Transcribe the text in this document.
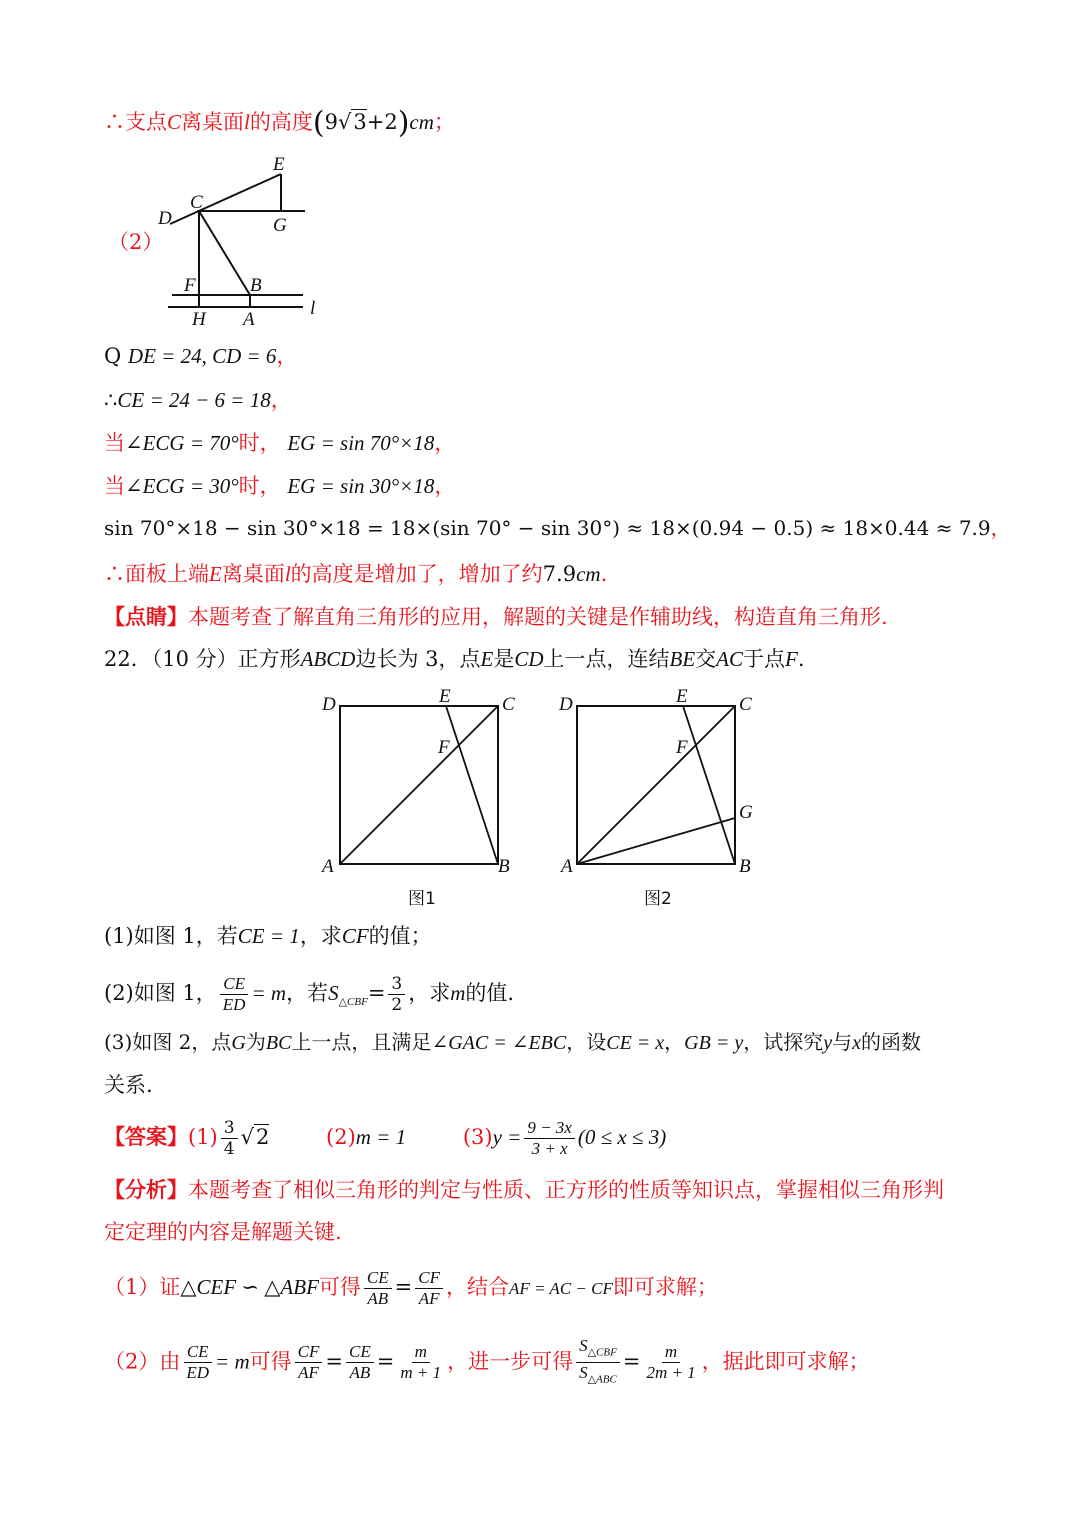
∴支点C离桌面l的高度(9√3+2)cm；
（2）
E
C
D	G
F	B
H A
l
Q DE = 24, CD = 6，
∴CE = 24 − 6 = 18，
当∠ECG = 70°时， EG = sin 70°×18，
当∠ECG = 30°时， EG = sin 30°×18，
sin 70°×18 − sin 30°×18 = 18×(sin 70° − sin 30°) ≈ 18×(0.94 − 0.5) ≈ 18×0.44 ≈ 7.9，
∴面板上端E离桌面l的高度是增加了，增加了约7.9cm.
【点睛】本题考查了解直角三角形的应用，解题的关键是作辅助线，构造直角三角形.
22．（10 分）正方形ABCD边长为 3，点E是CD上一点，连结BE交AC于点F.
D	E	C
F
A	B
图1
D	E	C
F
G
A	B
图2
(1)如图 1，若CE = 1，求CF的值；
(2)如图 1， $\frac{CE}{ED} = m$，若$S_{\triangle CBF}= \frac{3}{2}$ ，求m的值.
(3)如图 2，点G为BC上一点，且满足∠GAC = ∠EBC，设CE = x，GB = y，试探究y与x的函数
关系.
【答案】$(1) \frac{3}{4} √2$	(2)m = 1	$(3)y = \frac{9 - 3x}{3 + x} (0 \le x \le 3)$
【分析】本题考查了相似三角形的判定与性质、正方形的性质等知识点，掌握相似三角形判
定定理的内容是解题关键.
（1）证△CEF ∽ △ABF可得 $\frac{CE}{AB} = \frac{CF}{AF}$ ，结合AF = AC − CF即可求解；
（2）由 $\frac{CE}{ED} = m$可得 $\frac{CF}{AF} = \frac{CE}{AB} = \frac{m}{m + 1}$ ，进一步可得 $\frac{S_{\triangle CBF}}{S_{\triangle ABC}} = \frac{m}{2m + 1}$ ，据此即可求解；
